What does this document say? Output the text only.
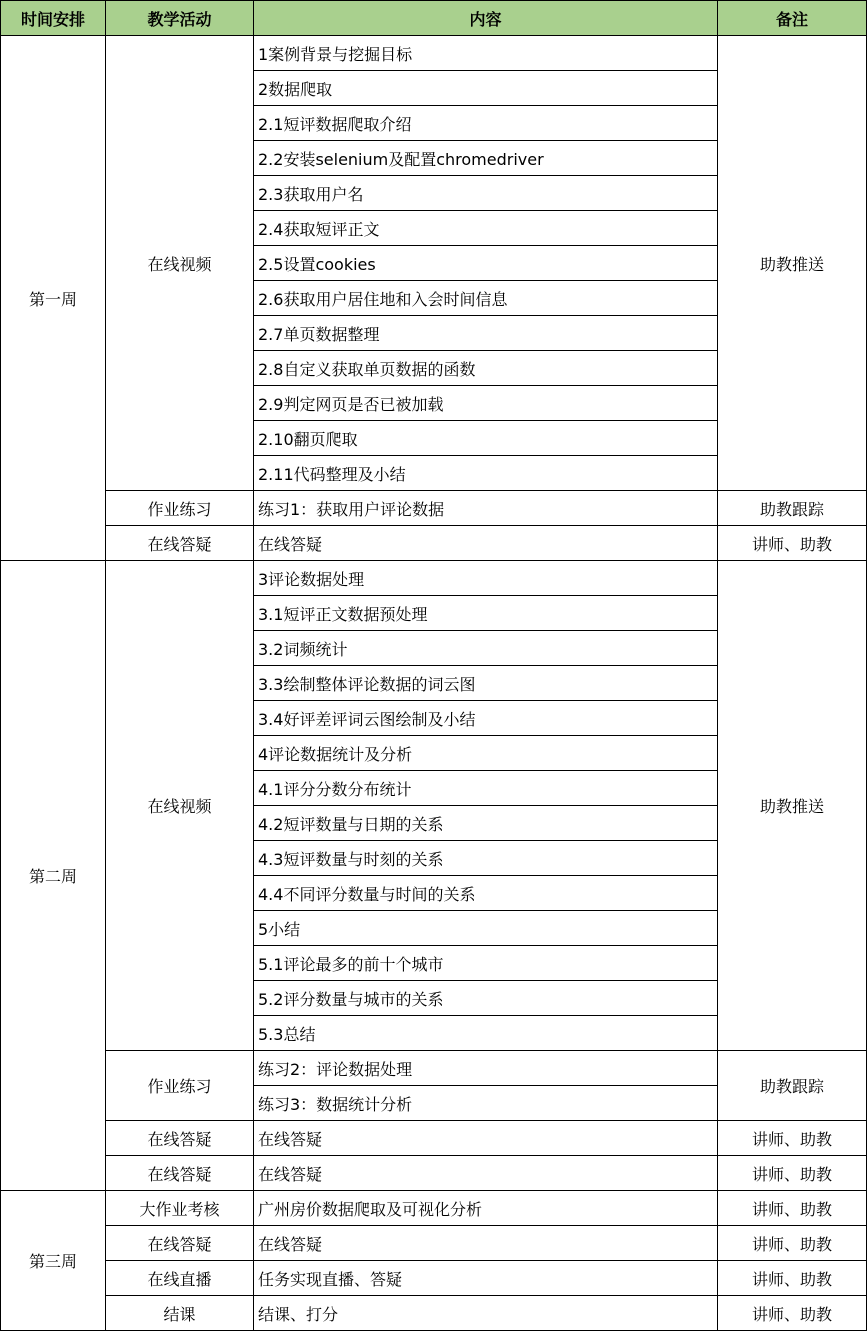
时间安排	教学活动	内容	备注
第一周	在线视频	1案例背景与挖掘目标	助教推送
		2数据爬取	
		2.1短评数据爬取介绍	
		2.2安装selenium及配置chromedriver	
		2.3获取用户名	
		2.4获取短评正文	
		2.5设置cookies	
		2.6获取用户居住地和入会时间信息	
		2.7单页数据整理	
		2.8自定义获取单页数据的函数	
		2.9判定网页是否已被加载	
		2.10翻页爬取	
		2.11代码整理及小结	
	作业练习	练习1：获取用户评论数据	助教跟踪
	在线答疑	在线答疑	讲师、助教
第二周	在线视频	3评论数据处理	助教推送
		3.1短评正文数据预处理	
		3.2词频统计	
		3.3绘制整体评论数据的词云图	
		3.4好评差评词云图绘制及小结	
		4评论数据统计及分析	
		4.1评分分数分布统计	
		4.2短评数量与日期的关系	
		4.3短评数量与时刻的关系	
		4.4不同评分数量与时间的关系	
		5小结	
		5.1评论最多的前十个城市	
		5.2评分数量与城市的关系	
		5.3总结	
	作业练习	练习2：评论数据处理	助教跟踪
		练习3：数据统计分析	
	在线答疑	在线答疑	讲师、助教
	在线答疑	在线答疑	讲师、助教
第三周	大作业考核	广州房价数据爬取及可视化分析	讲师、助教
	在线答疑	在线答疑	讲师、助教
	在线直播	任务实现直播、答疑	讲师、助教
	结课	结课、打分	讲师、助教
